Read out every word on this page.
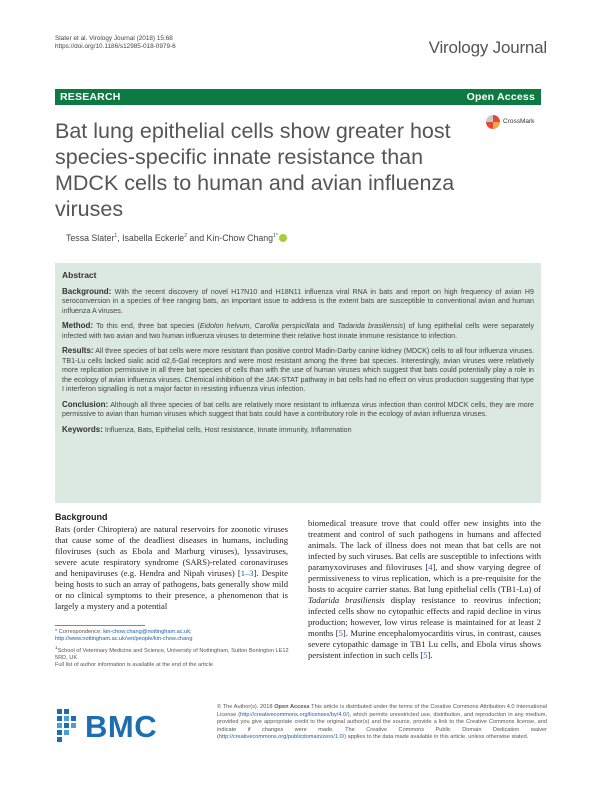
Slater et al. Virology Journal (2018) 15:68
https://doi.org/10.1186/s12985-018-0979-6	Virology Journal
RESEARCH	Open Access
Bat lung epithelial cells show greater host species-specific innate resistance than MDCK cells to human and avian influenza viruses
CrossMark
Tessa Slater$^1$, Isabella Eckerle$^2$ and Kin-Chow Chang$^{1*}$
Abstract

Background: With the recent discovery of novel H17N10 and H18N11 influenza viral RNA in bats and report on high frequency of avian H9 seroconversion in a species of free ranging bats, an important issue to address is the extent bats are susceptible to conventional avian and human influenza A viruses.

Method: To this end, three bat species (Eidolon helvum, Carollia perspicillata and Tadarida brasiliensis) of lung epithelial cells were separately infected with two avian and two human influenza viruses to determine their relative host innate immune resistance to infection.

Results: All three species of bat cells were more resistant than positive control Madin-Darby canine kidney (MDCK) cells to all four influenza viruses. TB1-Lu cells lacked sialic acid α2,6-Gal receptors and were most resistant among the three bat species. Interestingly, avian viruses were relatively more replication permissive in all three bat species of cells than with the use of human viruses which suggest that bats could potentially play a role in the ecology of avian influenza viruses. Chemical inhibition of the JAK-STAT pathway in bat cells had no effect on virus production suggesting that type I interferon signalling is not a major factor in resisting influenza virus infection.

Conclusion: Although all three species of bat cells are relatively more resistant to influenza virus infection than control MDCK cells, they are more permissive to avian than human viruses which suggest that bats could have a contributory role in the ecology of avian influenza viruses.

Keywords: Influenza, Bats, Epithelial cells, Host resistance, Innate immunity, Inflammation

Background
Bats (order Chiroptera) are natural reservoirs for zoonotic viruses that cause some of the deadliest diseases in humans, including filoviruses (such as Ebola and Marburg viruses), lyssaviruses, severe acute respiratory syndrome (SARS)-related coronaviruses and henipaviruses (e.g. Hendra and Nipah viruses) [1–3]. Despite being hosts to such an array of pathogens, bats generally show mild or no clinical symptoms to their presence, a phenomenon that is largely a mystery and a potential
biomedical treasure trove that could offer new insights into the treatment and control of such pathogens in humans and affected animals. The lack of illness does not mean that bat cells are not infected by such viruses. Bat cells are susceptible to infections with paramyxoviruses and filoviruses [4], and show varying degree of permissiveness to virus replication, which is a pre-requisite for the hosts to acquire carrier status. Bat lung epithelial cells (TB1-Lu) of Tadarida brasiliensis display resistance to reovirus infection; infected cells show no cytopathic effects and rapid decline in virus production; however, low virus release is maintained for at least 2 months [5]. Murine encephalomyocarditis virus, in contrast, causes severe cytopathic damage in TB1 Lu cells, and Ebola virus shows persistent infection in such cells [5].
* Correspondence: kin-chow.chang@nottingham.ac.uk; http://www.nottingham.ac.uk/vet/people/kin-chow.chang
$^1$School of Veterinary Medicine and Science, University of Nottingham, Sutton Bonington LE12 5RD, UK
Full list of author information is available at the end of the article
BMC
© The Author(s). 2018 Open Access This article is distributed under the terms of the Creative Commons Attribution 4.0 International License (http://creativecommons.org/licenses/by/4.0/), which permits unrestricted use, distribution, and reproduction in any medium, provided you give appropriate credit to the original author(s) and the source, provide a link to the Creative Commons license, and indicate if changes were made. The Creative Commons Public Domain Dedication waiver (http://creativecommons.org/publicdomain/zero/1.0/) applies to the data made available in this article, unless otherwise stated.
